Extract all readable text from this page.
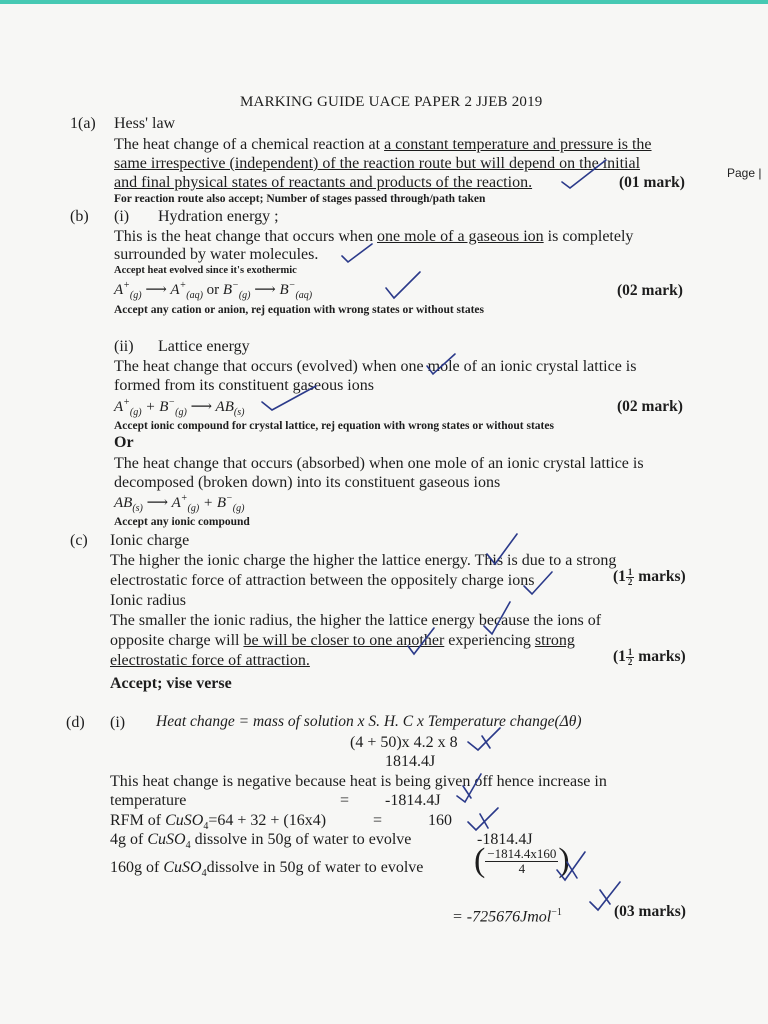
MARKING GUIDE UACE PAPER 2 JJEB 2019
Page |
1(a) Hess' law
The heat change of a chemical reaction at a constant temperature and pressure is the
same irrespective (independent) of the reaction route but will depend on the initial
and final physical states of reactants and products of the reaction.	(01 mark)
For reaction route also accept; Number of stages passed through/path taken
(b) (i) Hydration energy ;
This is the heat change that occurs when one mole of a gaseous ion is completely
surrounded by water molecules.
Accept heat evolved since it's exothermic
$A^+_{(g)}$ ⟶ $A^+_{(aq)}$ or $B^-_{(g)}$ ⟶ $B^-_{(aq)}$	(02 mark)
Accept any cation or anion, rej equation with wrong states or without states
(ii) Lattice energy
The heat change that occurs (evolved) when one mole of an ionic crystal lattice is
formed from its constituent gaseous ions
$A^+_{(g)} + B^-_{(g)}$ ⟶ $AB_{(s)}$	(02 mark)
Accept ionic compound for crystal lattice, rej equation with wrong states or without states
Or
The heat change that occurs (absorbed) when one mole of an ionic crystal lattice is
decomposed (broken down) into its constituent gaseous ions
$AB_{(s)}$ ⟶ $A^+_{(g)} + B^-_{(g)}$
Accept any ionic compound
(c) Ionic charge
The higher the ionic charge the higher the lattice energy. This is due to a strong
electrostatic force of attraction between the oppositely charge ions	($1 \frac{1}{2}$ marks)
Ionic radius
The smaller the ionic radius, the higher the lattice energy because the ions of
opposite charge will be will be closer to one another experiencing strong
electrostatic force of attraction.	($1 \frac{1}{2}$ marks)
Accept; vise verse
(d) (i) Heat change = mass of solution x S. H. C x Temperature change(Δθ)
(4 + 50)x 4.2 x 8
1814.4J
This heat change is negative because heat is being given off hence increase in
temperature	= -1814.4J
RFM of CuSO$_4$=64 + 32 + (16x4)	=	160
4g of CuSO$_4$ dissolve in 50g of water to evolve	-1814.4J
160g of CuSO$_4$dissolve in 50g of water to evolve ( $\frac{-1814.4x160}{4}$ )
= -725676Jmol$^{-1}$	(03 marks)
